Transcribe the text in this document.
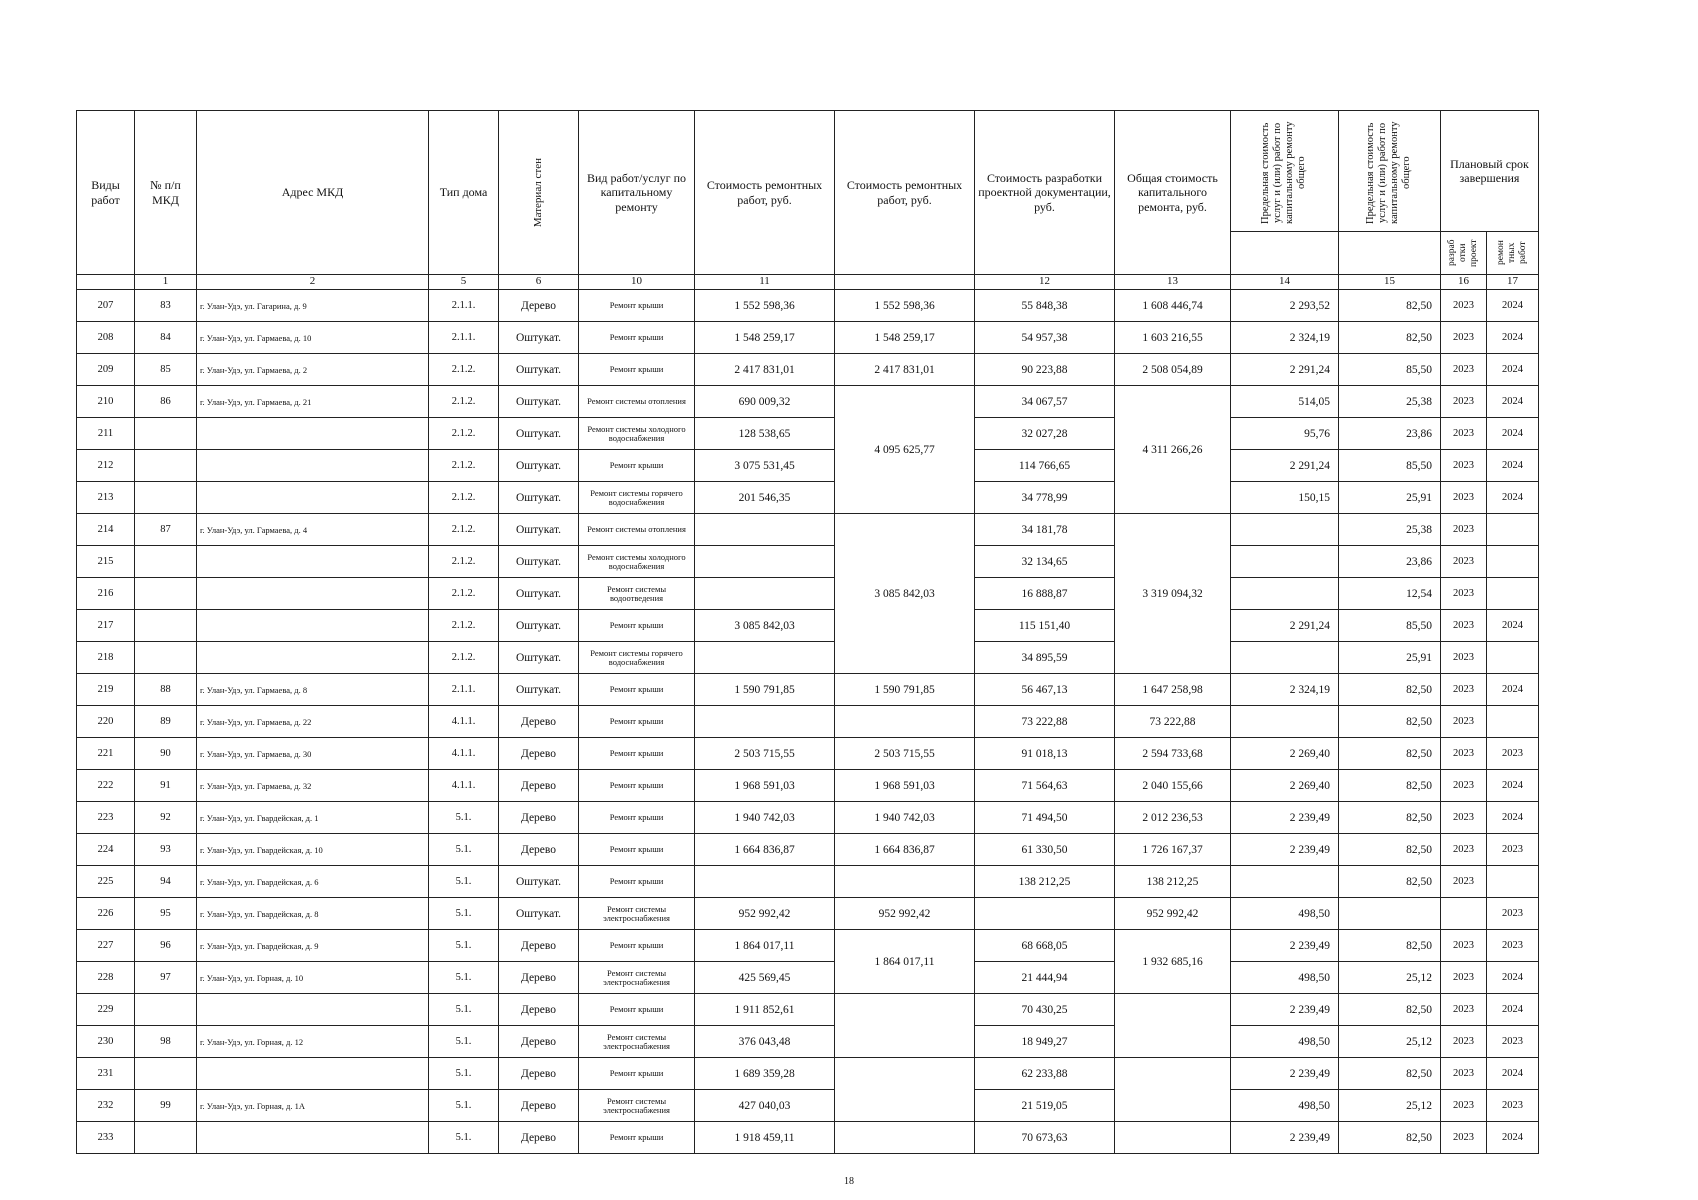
Виды работ	№ п/п МКД	Адрес МКД	Тип дома	Материал стен	Вид работ/услуг по капитальному ремонту	Стоимость ремонтных работ, руб.	Стоимость ремонтных работ, руб.	Стоимость разработки проектной документации, руб.	Общая стоимость капитального ремонта, руб.	Предельная стоимость услуг и (или) работ по капитальному ремонту общего	Предельная стоимость услуг и (или) работ по капитальному ремонту общего	Плановый срок завершения	

												разраб отки проект	ремон тных работ

	1	2	5	6	10	11		12	13	14	15	16	17
207	83	г. Улан-Удэ, ул. Гагарина, д. 9	2.1.1.	Дерево	Ремонт крыши	1 552 598,36	1 552 598,36	55 848,38	1 608 446,74	2 293,52	82,50	2023	2024
208	84	г. Улан-Удэ, ул. Гармаева, д. 10	2.1.1.	Оштукат.	Ремонт крыши	1 548 259,17	1 548 259,17	54 957,38	1 603 216,55	2 324,19	82,50	2023	2024
209	85	г. Улан-Удэ, ул. Гармаева, д. 2	2.1.2.	Оштукат.	Ремонт крыши	2 417 831,01	2 417 831,01	90 223,88	2 508 054,89	2 291,24	85,50	2023	2024
210	86	г. Улан-Удэ, ул. Гармаева, д. 21	2.1.2.	Оштукат.	Ремонт системы отопления	690 009,32	4 095 625,77	34 067,57	4 311 266,26	514,05	25,38	2023	2024
211			2.1.2.	Оштукат.	Ремонт системы холодного водоснабжения	128 538,65		32 027,28		95,76	23,86	2023	2024
212			2.1.2.	Оштукат.	Ремонт крыши	3 075 531,45		114 766,65		2 291,24	85,50	2023	2024
213			2.1.2.	Оштукат.	Ремонт системы горячего водоснабжения	201 546,35		34 778,99		150,15	25,91	2023	2024
214	87	г. Улан-Удэ, ул. Гармаева, д. 4	2.1.2.	Оштукат.	Ремонт системы отопления		3 085 842,03	34 181,78	3 319 094,32		25,38	2023	
215			2.1.2.	Оштукат.	Ремонт системы холодного водоснабжения			32 134,65			23,86	2023	
216			2.1.2.	Оштукат.	Ремонт системы водоотведения			16 888,87			12,54	2023	
217			2.1.2.	Оштукат.	Ремонт крыши	3 085 842,03		115 151,40		2 291,24	85,50	2023	2024
218			2.1.2.	Оштукат.	Ремонт системы горячего водоснабжения			34 895,59			25,91	2023	
219	88	г. Улан-Удэ, ул. Гармаева, д. 8	2.1.1.	Оштукат.	Ремонт крыши	1 590 791,85	1 590 791,85	56 467,13	1 647 258,98	2 324,19	82,50	2023	2024
220	89	г. Улан-Удэ, ул. Гармаева, д. 22	4.1.1.	Дерево	Ремонт крыши			73 222,88	73 222,88		82,50	2023	
221	90	г. Улан-Удэ, ул. Гармаева, д. 30	4.1.1.	Дерево	Ремонт крыши	2 503 715,55	2 503 715,55	91 018,13	2 594 733,68	2 269,40	82,50	2023	2023
222	91	г. Улан-Удэ, ул. Гармаева, д. 32	4.1.1.	Дерево	Ремонт крыши	1 968 591,03	1 968 591,03	71 564,63	2 040 155,66	2 269,40	82,50	2023	2024
223	92	г. Улан-Удэ, ул. Гвардейская, д. 1	5.1.	Дерево	Ремонт крыши	1 940 742,03	1 940 742,03	71 494,50	2 012 236,53	2 239,49	82,50	2023	2024
224	93	г. Улан-Удэ, ул. Гвардейская, д. 10	5.1.	Дерево	Ремонт крыши	1 664 836,87	1 664 836,87	61 330,50	1 726 167,37	2 239,49	82,50	2023	2023
225	94	г. Улан-Удэ, ул. Гвардейская, д. 6	5.1.	Оштукат.	Ремонт крыши			138 212,25	138 212,25		82,50	2023	
226	95	г. Улан-Удэ, ул. Гвардейская, д. 8	5.1.	Оштукат.	Ремонт системы электроснабжения	952 992,42	952 992,42		952 992,42	498,50			2023
227	96	г. Улан-Удэ, ул. Гвардейская, д. 9	5.1.	Дерево	Ремонт крыши	1 864 017,11	1 864 017,11	68 668,05	1 932 685,16	2 239,49	82,50	2023	2023
228	97	г. Улан-Удэ, ул. Горная, д. 10	5.1.	Дерево	Ремонт системы электроснабжения	425 569,45		21 444,94		498,50	25,12	2023	2024
229			5.1.	Дерево	Ремонт крыши	1 911 852,61		70 430,25		2 239,49	82,50	2023	2024
230	98	г. Улан-Удэ, ул. Горная, д. 12	5.1.	Дерево	Ремонт системы электроснабжения	376 043,48		18 949,27		498,50	25,12	2023	2023
231			5.1.	Дерево	Ремонт крыши	1 689 359,28		62 233,88		2 239,49	82,50	2023	2024
232	99	г. Улан-Удэ, ул. Горная, д. 1А	5.1.	Дерево	Ремонт системы электроснабжения	427 040,03		21 519,05		498,50	25,12	2023	2023
233			5.1.	Дерево	Ремонт крыши	1 918 459,11		70 673,63		2 239,49	82,50	2023	2024
18
